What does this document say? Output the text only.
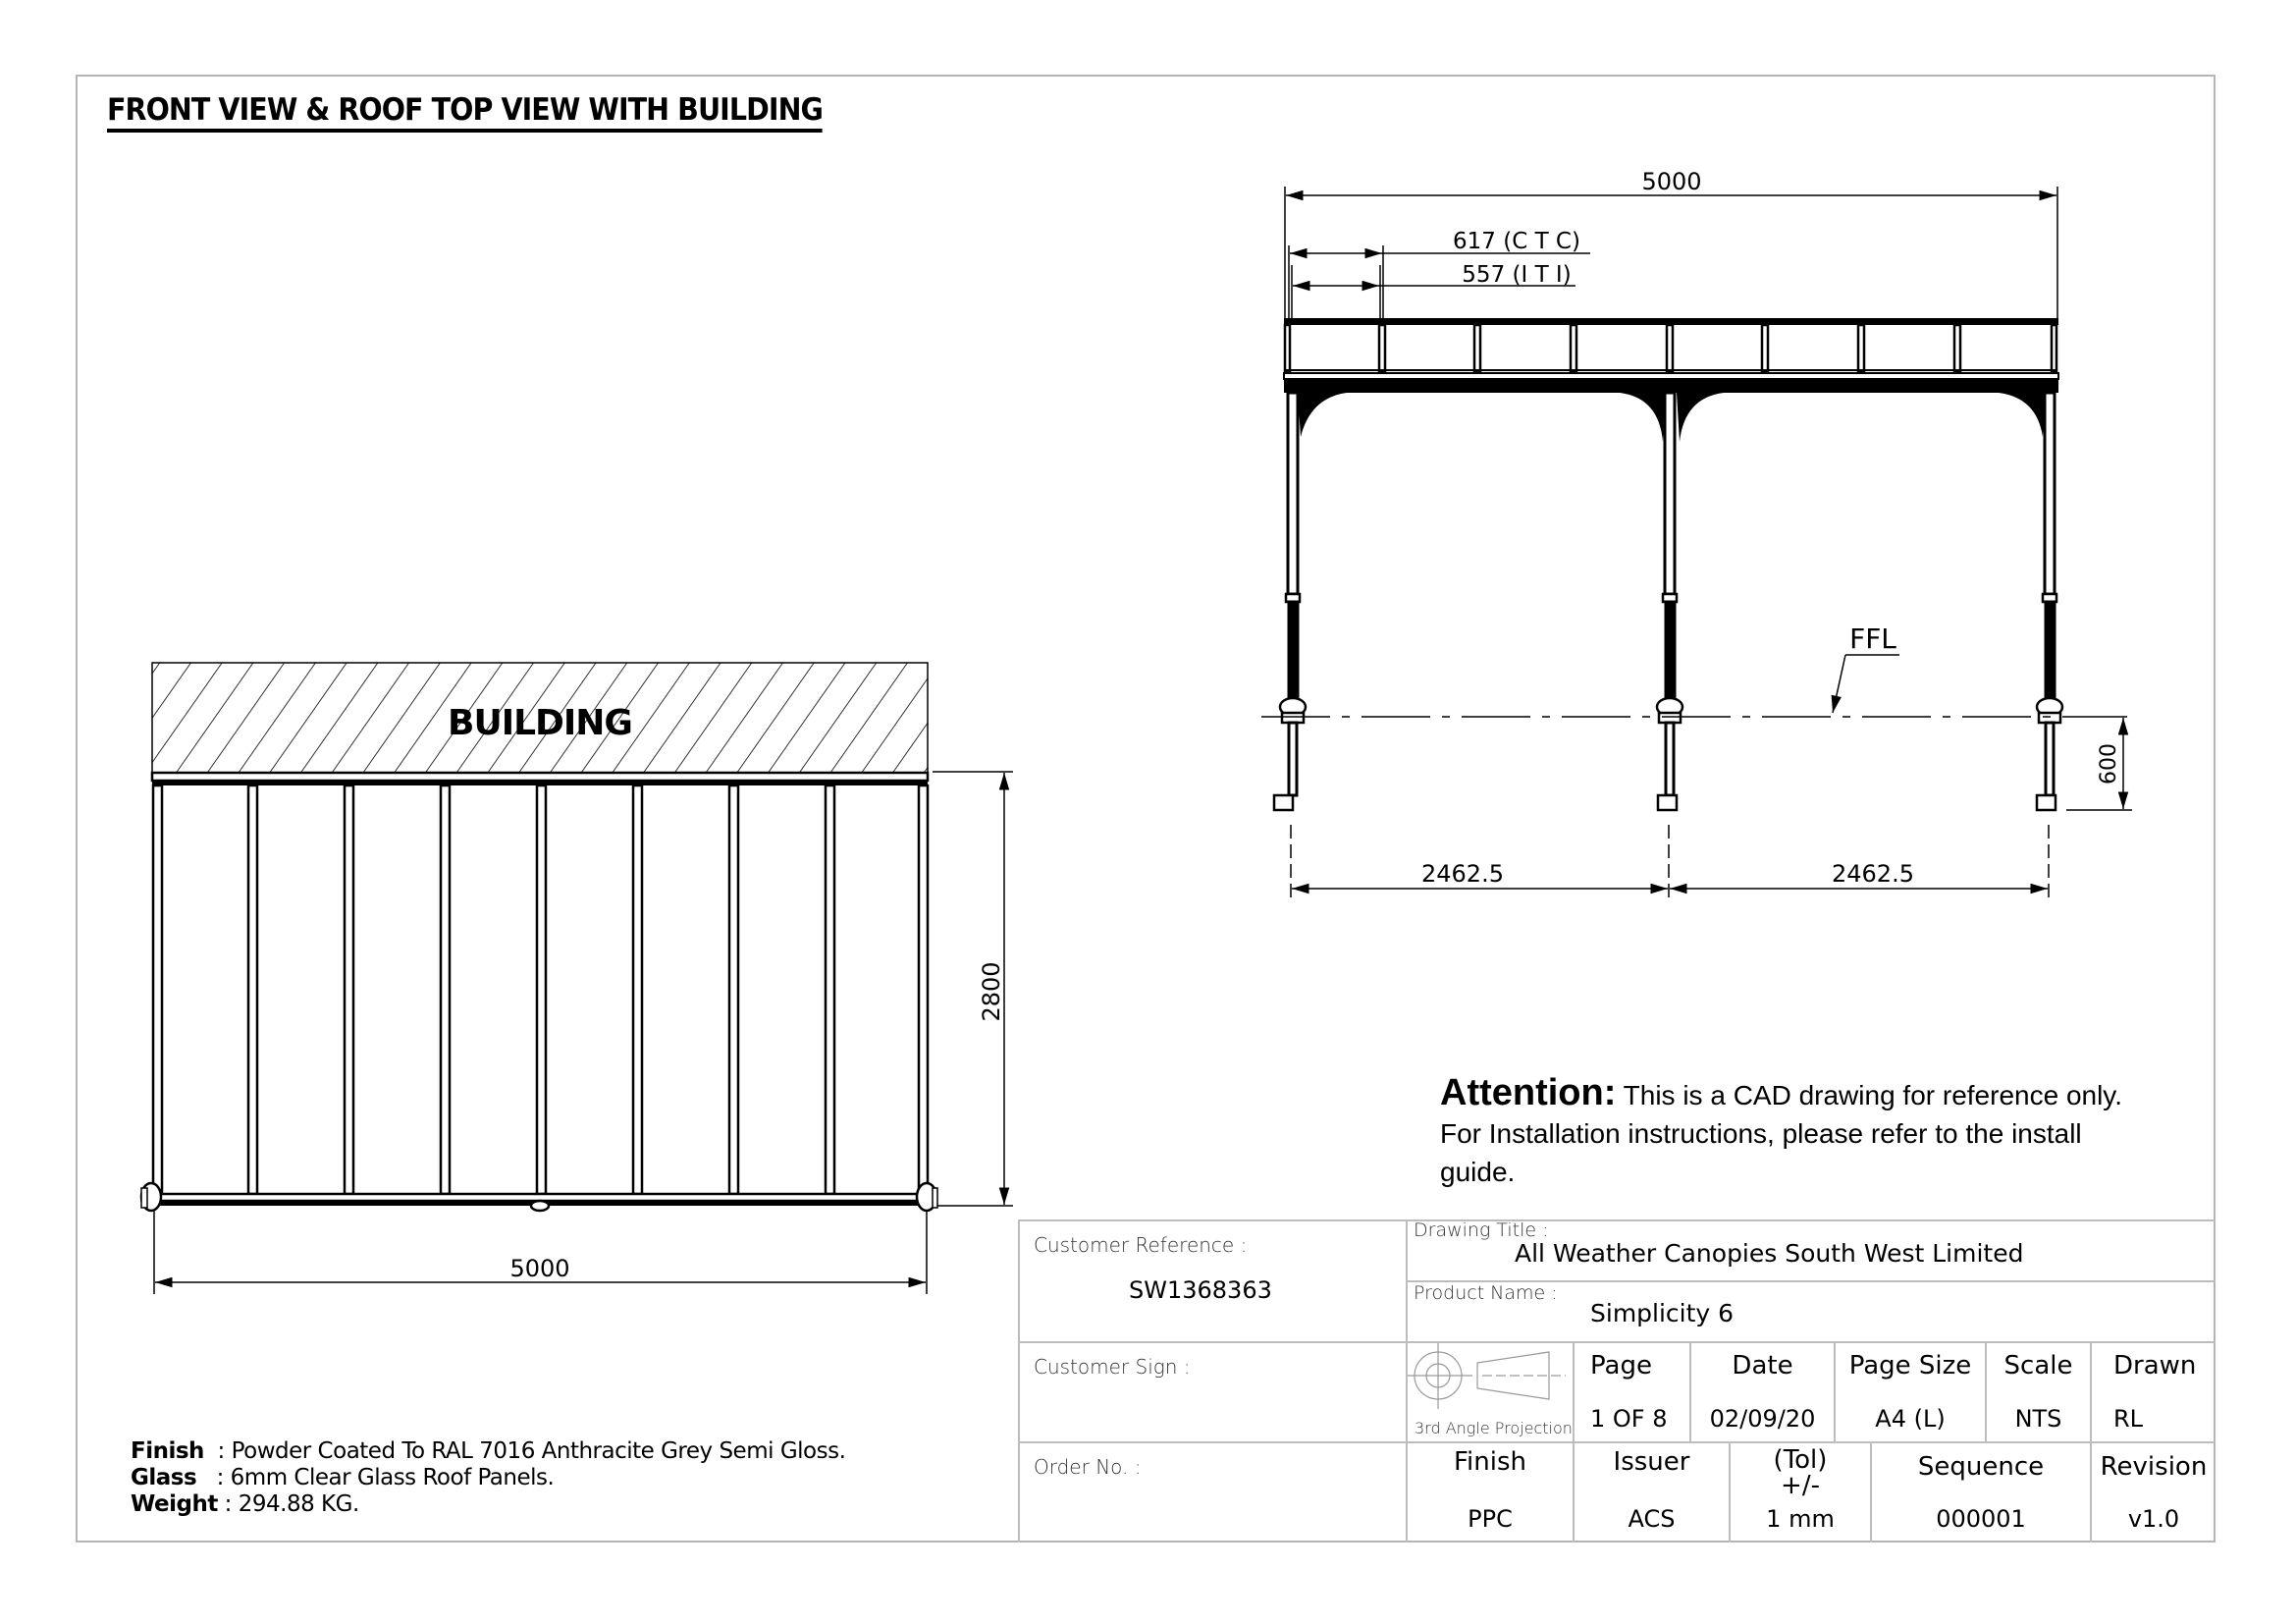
FRONT VIEW & ROOF TOP VIEW WITH BUILDING
BUILDING
5000
2800
5000
617 (C T C)
557 (I T I)
FFL
600
2462.5	2462.5
Attention: This is a CAD drawing for reference only.
For Installation instructions, please refer to the install
guide.
Finish  : Powder Coated To RAL 7016 Anthracite Grey Semi Gloss.
Glass   : 6mm Clear Glass Roof Panels.
Weight : 294.88 KG.
Customer Reference :
SW1368363
Customer Sign :
Order No. :
Drawing Title :
All Weather Canopies South West Limited
Product Name :
Simplicity 6
3rd Angle Projection
Page
1 OF 8
Date
02/09/20
Page Size
A4 (L)
Scale
NTS
Drawn
RL
Finish
PPC
Issuer
ACS
(Tol)
+/-
1 mm
Sequence
000001
Revision
v1.0
